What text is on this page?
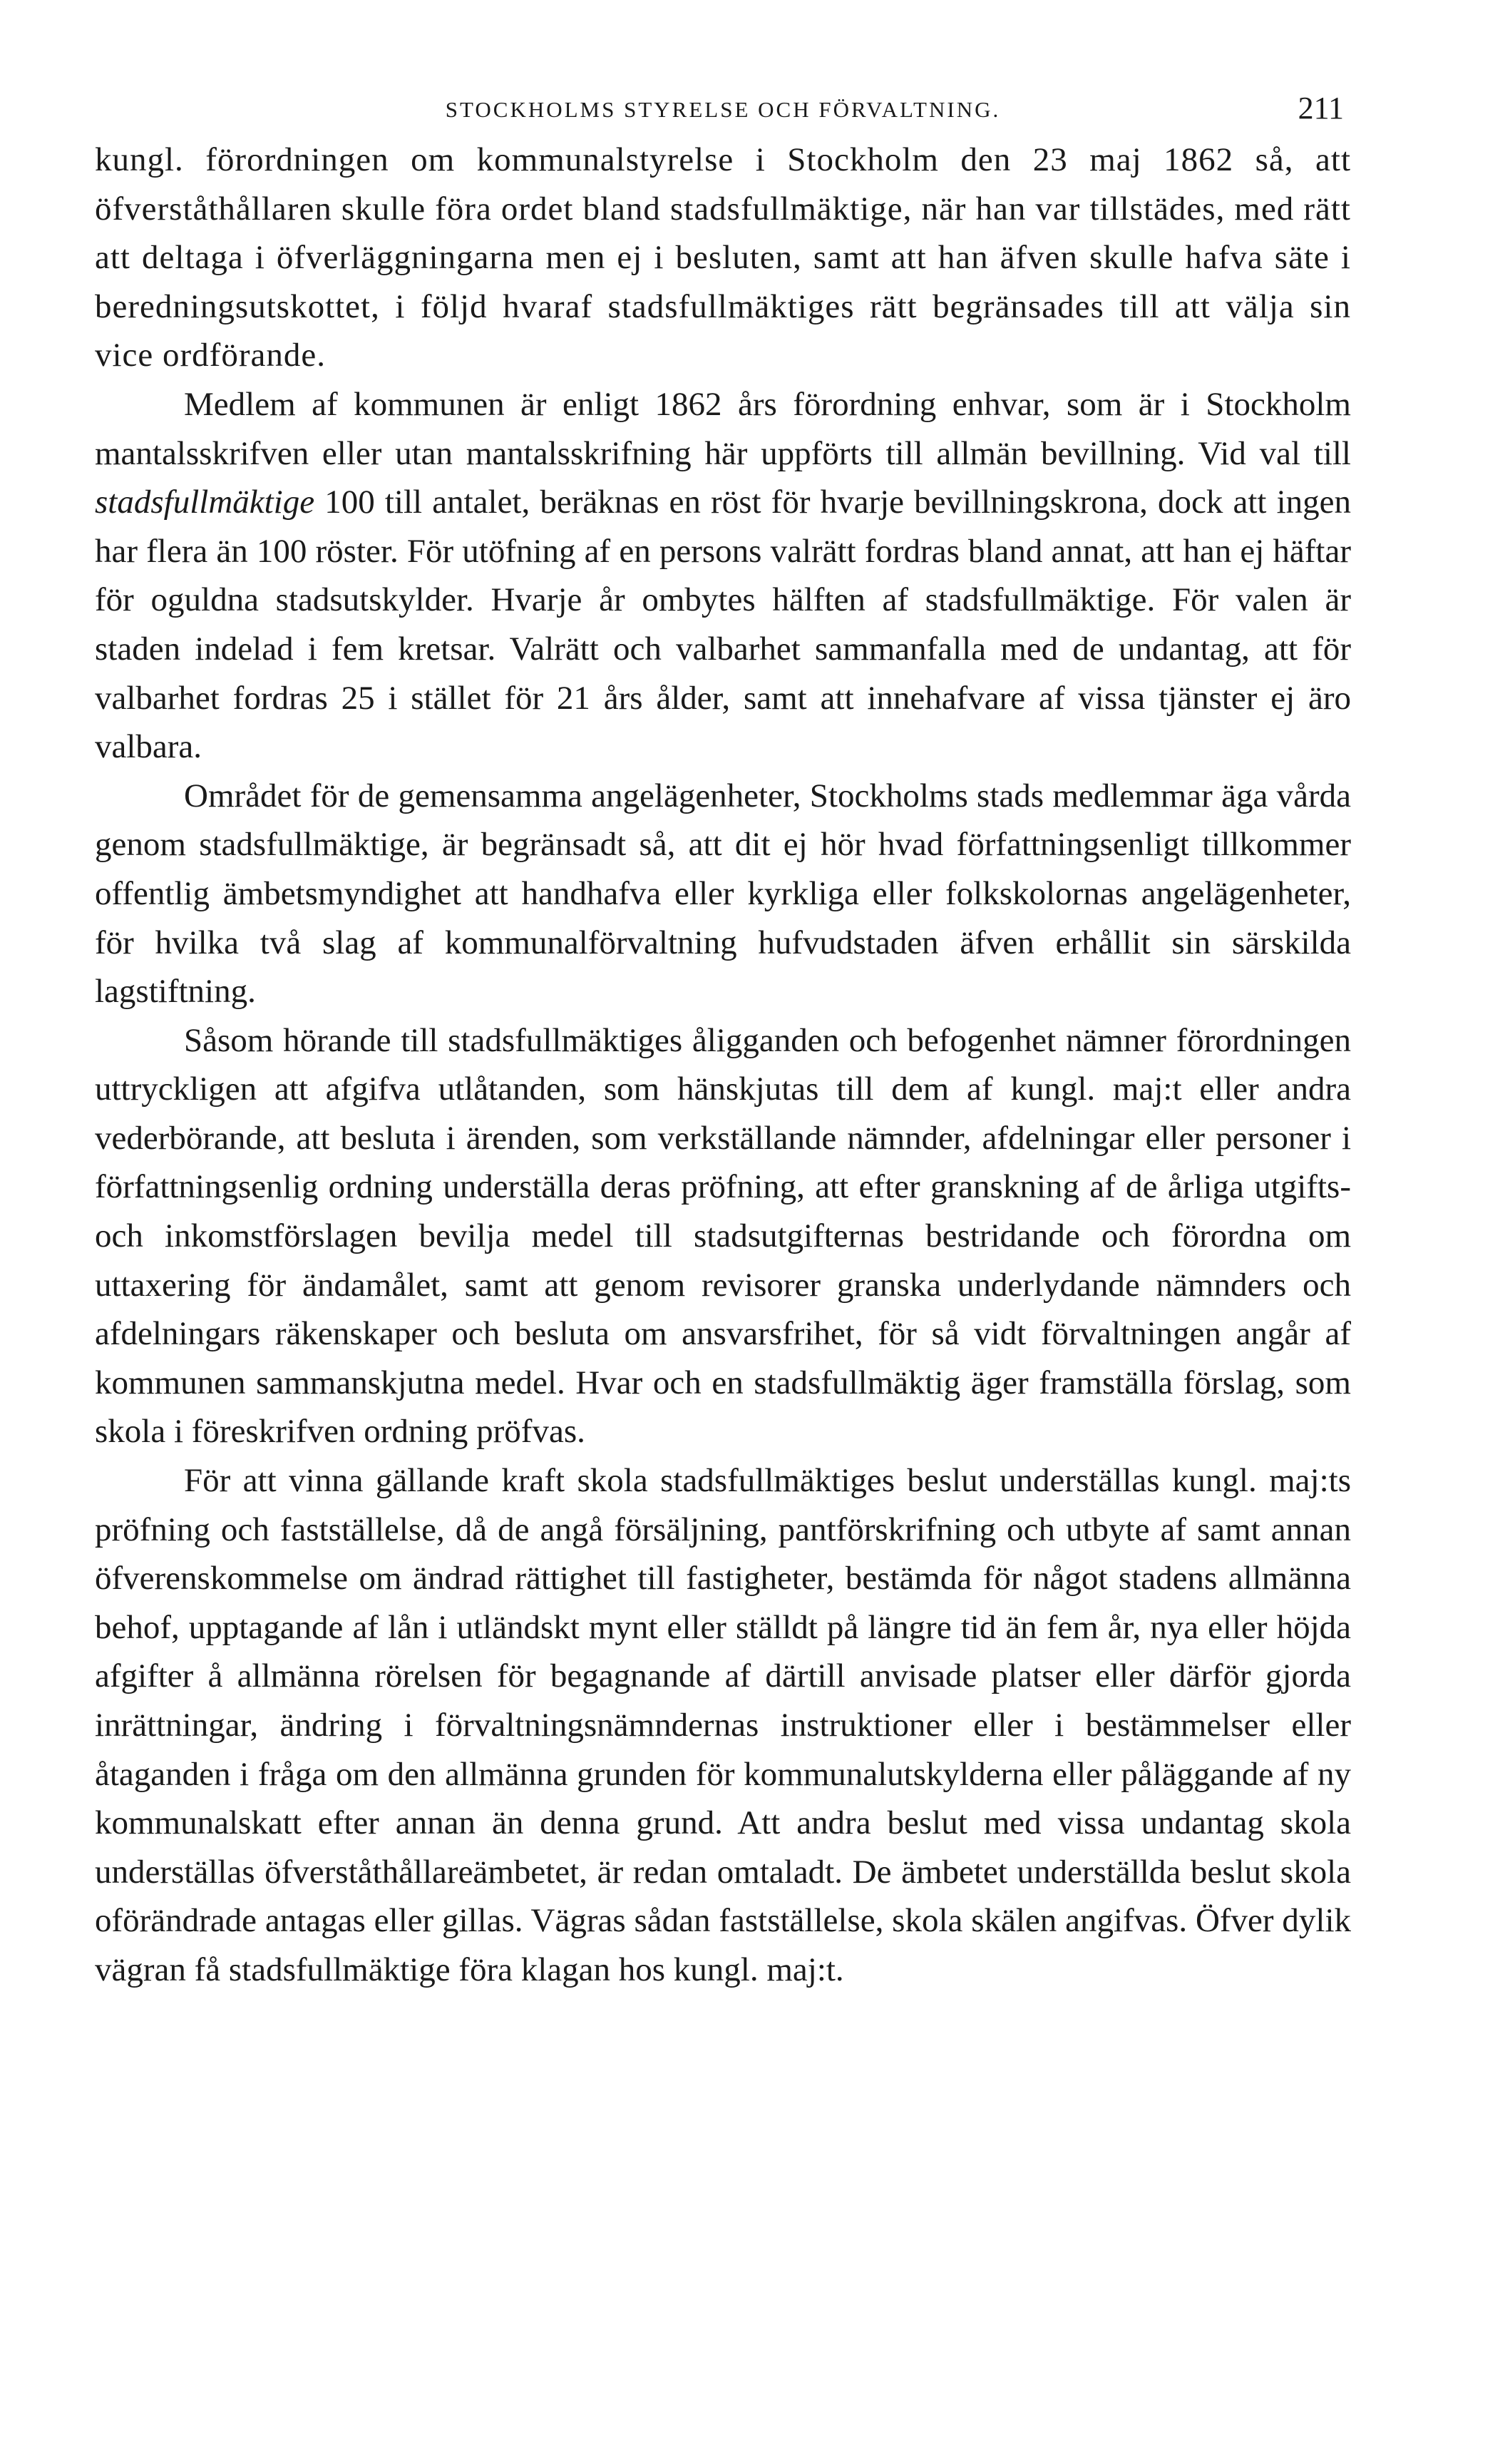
STOCKHOLMS STYRELSE OCH FÖRVALTNING.	211

kungl. förordningen om kommunalstyrelse i Stockholm den 23 maj 1862 så, att öfverståthållaren skulle föra ordet bland stadsfullmäktige, när han var tillstädes, med rätt att deltaga i öfverläggningarna men ej i besluten, samt att han äfven skulle hafva säte i beredningsutskottet, i följd hvaraf stadsfullmäktiges rätt begränsades till att välja sin vice ordförande.

Medlem af kommunen är enligt 1862 års förordning enhvar, som är i Stockholm mantalsskrifven eller utan mantalsskrifning här uppförts till allmän bevillning. Vid val till stadsfullmäktige 100 till antalet, beräknas en röst för hvarje bevillningskrona, dock att ingen har flera än 100 röster. För utöfning af en persons valrätt fordras bland annat, att han ej häftar för oguldna stadsutskylder. Hvarje år ombytes hälften af stadsfullmäktige. För valen är staden indelad i fem kretsar. Valrätt och valbarhet sammanfalla med de undantag, att för valbarhet fordras 25 i stället för 21 års ålder, samt att innehafvare af vissa tjänster ej äro valbara.

Området för de gemensamma angelägenheter, Stockholms stads medlemmar äga vårda genom stadsfullmäktige, är begränsadt så, att dit ej hör hvad författningsenligt tillkommer offentlig ämbetsmyndighet att handhafva eller kyrkliga eller folkskolornas angelägenheter, för hvilka två slag af kommunalförvaltning hufvudstaden äfven erhållit sin särskilda lagstiftning.

Såsom hörande till stadsfullmäktiges åligganden och befogenhet nämner förordningen uttryckligen att afgifva utlåtanden, som hänskjutas till dem af kungl. maj:t eller andra vederbörande, att besluta i ärenden, som verkställande nämnder, afdelningar eller personer i författningsenlig ordning underställa deras pröfning, att efter granskning af de årliga utgifts- och inkomstförslagen bevilja medel till stadsutgifternas bestridande och förordna om uttaxering för ändamålet, samt att genom revisorer granska underlydande nämnders och afdelningars räkenskaper och besluta om ansvarsfrihet, för så vidt förvaltningen angår af kommunen sammanskjutna medel. Hvar och en stadsfullmäktig äger framställa förslag, som skola i föreskrifven ordning pröfvas.

För att vinna gällande kraft skola stadsfullmäktiges beslut underställas kungl. maj:ts pröfning och fastställelse, då de angå försäljning, pantförskrifning och utbyte af samt annan öfverenskommelse om ändrad rättighet till fastigheter, bestämda för något stadens allmänna behof, upptagande af lån i utländskt mynt eller ställdt på längre tid än fem år, nya eller höjda afgifter å allmänna rörelsen för begagnande af därtill anvisade platser eller därför gjorda inrättningar, ändring i förvaltningsnämndernas instruktioner eller i bestämmelser eller åtaganden i fråga om den allmänna grunden för kommunalutskylderna eller påläggande af ny kommunalskatt efter annan än denna grund. Att andra beslut med vissa undantag skola underställas öfverståthållareämbetet, är redan omtaladt. De ämbetet underställda beslut skola oförändrade antagas eller gillas. Vägras sådan fastställelse, skola skälen angifvas. Öfver dylik vägran få stadsfullmäktige föra klagan hos kungl. maj:t.
